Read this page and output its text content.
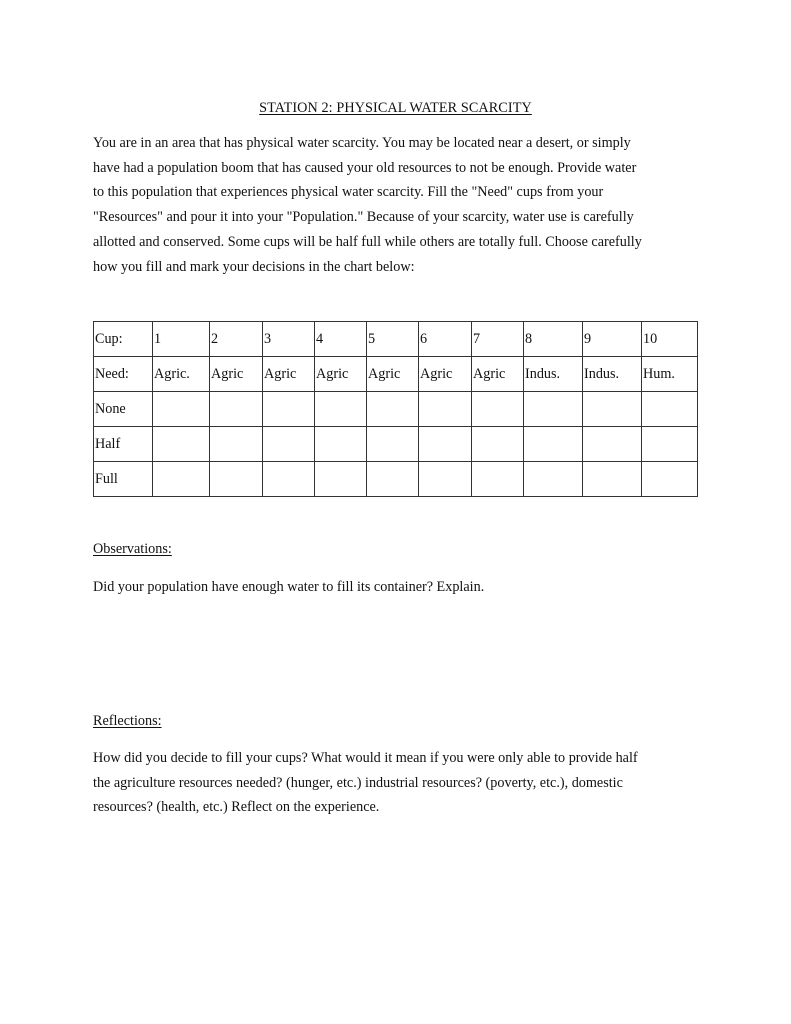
STATION 2: PHYSICAL WATER SCARCITY
You are in an area that has physical water scarcity. You may be located near a desert, or simply
have had a population boom that has caused your old resources to not be enough. Provide water
to this population that experiences physical water scarcity. Fill the "Need" cups from your
"Resources" and pour it into your "Population." Because of your scarcity, water use is carefully
allotted and conserved. Some cups will be half full while others are totally full. Choose carefully
how you fill and mark your decisions in the chart below:
Cup:	1	2	3	4	5	6	7	8	9	10
Need:	Agric.	Agric	Agric	Agric	Agric	Agric	Agric	Indus.	Indus.	Hum.
None										
Half										
Full										
Observations:
Did your population have enough water to fill its container? Explain.
Reflections:
How did you decide to fill your cups? What would it mean if you were only able to provide half
the agriculture resources needed? (hunger, etc.) industrial resources? (poverty, etc.), domestic
resources? (health, etc.) Reflect on the experience.
